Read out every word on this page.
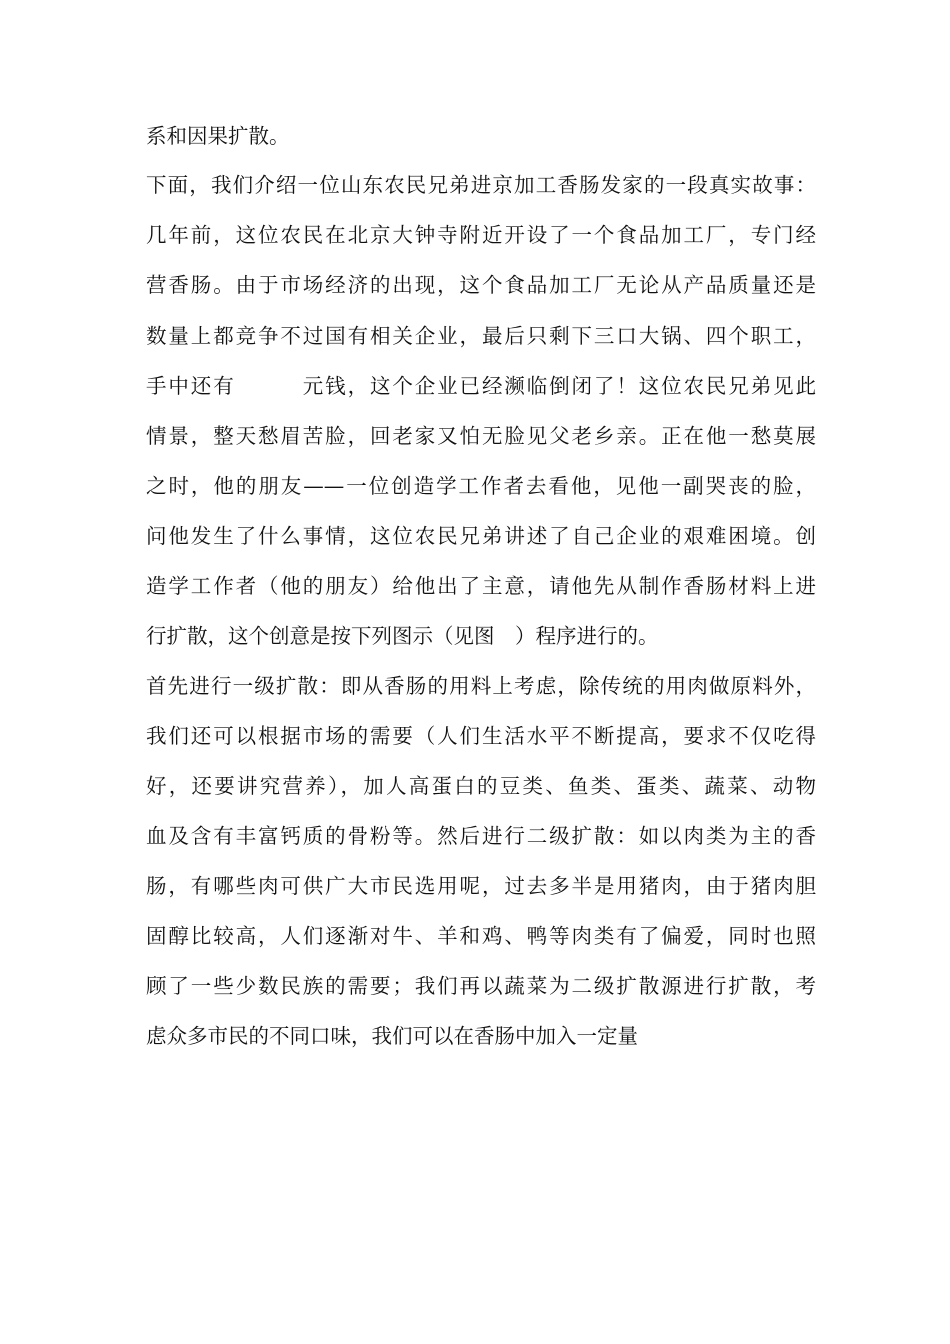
系和因果扩散。
下面，我们介绍一位山东农民兄弟进京加工香肠发家的一段真实故事：
几年前，这位农民在北京大钟寺附近开设了一个食品加工厂，专门经
营香肠。由于市场经济的出现，这个食品加工厂无论从产品质量还是
数量上都竞争不过国有相关企业，最后只剩下三口大锅、四个职工，
手中还有　　　元钱，这个企业已经濒临倒闭了！这位农民兄弟见此
情景，整天愁眉苦脸，回老家又怕无脸见父老乡亲。正在他一愁莫展
之时，他的朋友——一位创造学工作者去看他，见他一副哭丧的脸，
问他发生了什么事情，这位农民兄弟讲述了自己企业的艰难困境。创
造学工作者（他的朋友）给他出了主意，请他先从制作香肠材料上进
行扩散，这个创意是按下列图示（见图　）程序进行的。
首先进行一级扩散：即从香肠的用料上考虑，除传统的用肉做原料外，
我们还可以根据市场的需要（人们生活水平不断提高，要求不仅吃得
好，还要讲究营养），加人高蛋白的豆类、鱼类、蛋类、蔬菜、动物
血及含有丰富钙质的骨粉等。然后进行二级扩散：如以肉类为主的香
肠，有哪些肉可供广大市民选用呢，过去多半是用猪肉，由于猪肉胆
固醇比较高，人们逐渐对牛、羊和鸡、鸭等肉类有了偏爱，同时也照
顾了一些少数民族的需要；我们再以蔬菜为二级扩散源进行扩散，考
虑众多市民的不同口味，我们可以在香肠中加入一定量
